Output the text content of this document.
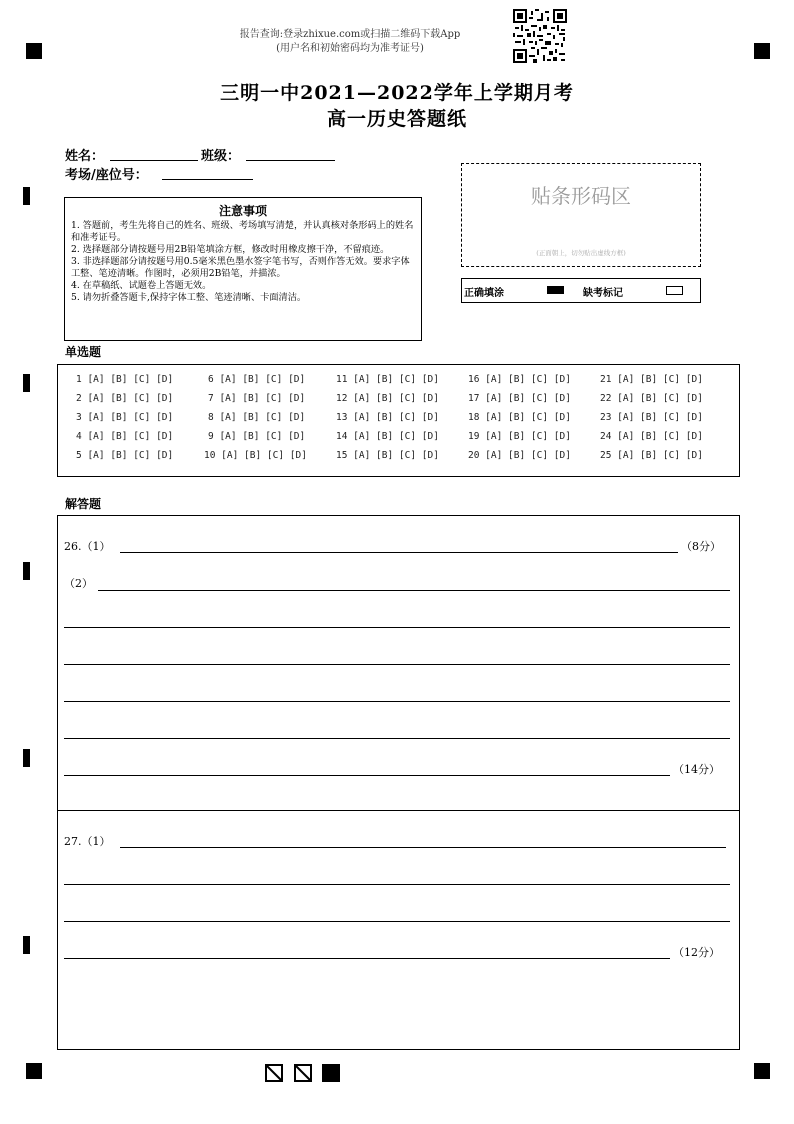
报告查询:登录zhixue.com或扫描二维码下载App
(用户名和初始密码均为准考证号)
三明一中2021—2022学年上学期月考
高一历史答题纸
姓名：	班级：
考场/座位号：
注意事项
1. 答题前，考生先将自己的姓名、班级、考场填写清楚，并认真核对条形码上的姓名和准考证号。
2. 选择题部分请按题号用2B铅笔填涂方框，修改时用橡皮擦干净，不留痕迹。
3. 非选择题部分请按题号用0.5毫米黑色墨水签字笔书写，否则作答无效。要求字体工整、笔迹清晰。作图时，必须用2B铅笔，并描浓。
4. 在草稿纸、试题卷上答题无效。
5. 请勿折叠答题卡,保持字体工整、笔迹清晰、卡面清洁。
贴条形码区
(正面朝上，切勿贴出虚线方框)
正确填涂	缺考标记
单选题
1 [A] [B] [C] [D]	6 [A] [B] [C] [D]	11 [A] [B] [C] [D]	16 [A] [B] [C] [D]	21 [A] [B] [C] [D]
2 [A] [B] [C] [D]	7 [A] [B] [C] [D]	12 [A] [B] [C] [D]	17 [A] [B] [C] [D]	22 [A] [B] [C] [D]
3 [A] [B] [C] [D]	8 [A] [B] [C] [D]	13 [A] [B] [C] [D]	18 [A] [B] [C] [D]	23 [A] [B] [C] [D]
4 [A] [B] [C] [D]	9 [A] [B] [C] [D]	14 [A] [B] [C] [D]	19 [A] [B] [C] [D]	24 [A] [B] [C] [D]
5 [A] [B] [C] [D]	10 [A] [B] [C] [D]	15 [A] [B] [C] [D]	20 [A] [B] [C] [D]	25 [A] [B] [C] [D]
解答题
26.（1）	（8分）
（2）
（14分）
27.（1）
（12分）
